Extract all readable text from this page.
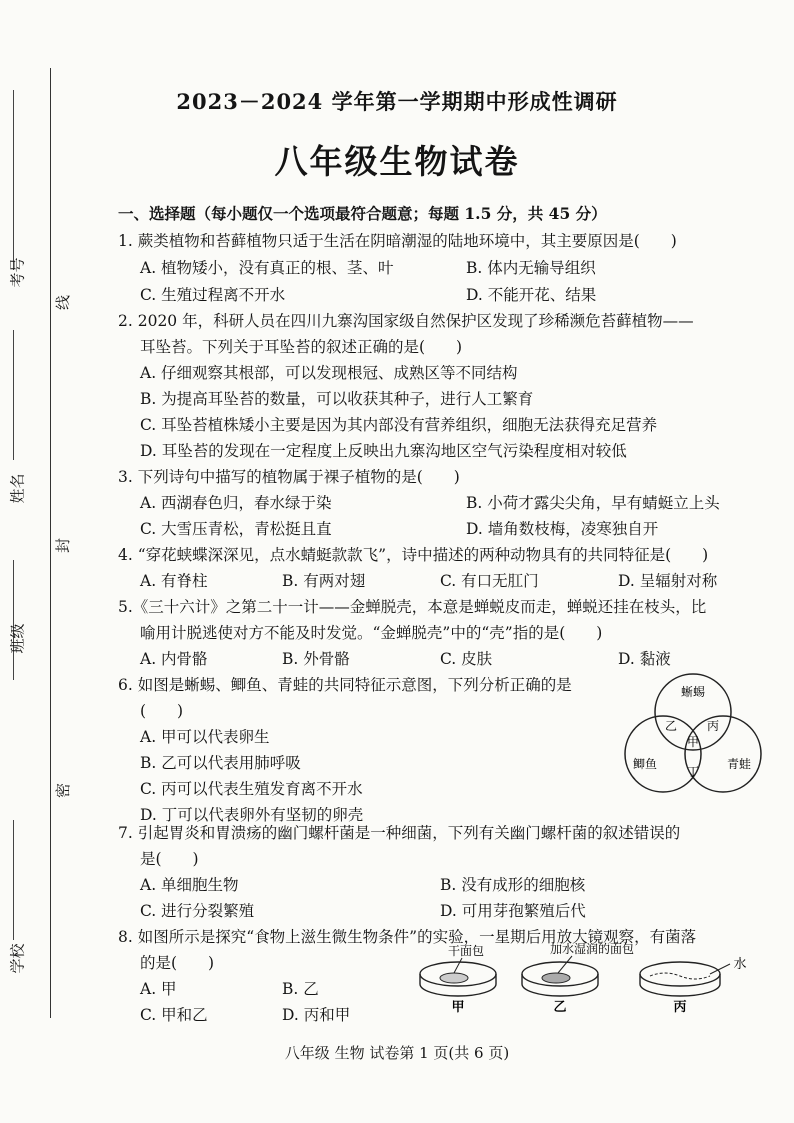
考号
姓名
班级
学校
线
封
密
2023－2024 学年第一学期期中形成性调研
八年级生物试卷
一、选择题（每小题仅一个选项最符合题意；每题 1.5 分，共 45 分）
1. 蕨类植物和苔藓植物只适于生活在阴暗潮湿的陆地环境中，其主要原因是(　　)
A. 植物矮小，没有真正的根、茎、叶	B. 体内无输导组织
C. 生殖过程离不开水	D. 不能开花、结果
2. 2020 年，科研人员在四川九寨沟国家级自然保护区发现了珍稀濒危苔藓植物——
耳坠苔。下列关于耳坠苔的叙述正确的是(　　)
A. 仔细观察其根部，可以发现根冠、成熟区等不同结构
B. 为提高耳坠苔的数量，可以收获其种子，进行人工繁育
C. 耳坠苔植株矮小主要是因为其内部没有营养组织，细胞无法获得充足营养
D. 耳坠苔的发现在一定程度上反映出九寨沟地区空气污染程度相对较低
3. 下列诗句中描写的植物属于裸子植物的是(　　)
A. 西湖春色归，春水绿于染	B. 小荷才露尖尖角，早有蜻蜓立上头
C. 大雪压青松，青松挺且直	D. 墙角数枝梅，凌寒独自开
4. “穿花蛱蝶深深见，点水蜻蜓款款飞”，诗中描述的两种动物具有的共同特征是(　　)
A. 有脊柱	B. 有两对翅	C. 有口无肛门	D. 呈辐射对称
5.《三十六计》之第二十一计——金蝉脱壳，本意是蝉蜕皮而走，蝉蜕还挂在枝头，比
喻用计脱逃使对方不能及时发觉。“金蝉脱壳”中的“壳”指的是(　　)
A. 内骨骼	B. 外骨骼	C. 皮肤	D. 黏液
6. 如图是蜥蜴、鲫鱼、青蛙的共同特征示意图，下列分析正确的是
(　　)
A. 甲可以代表卵生
B. 乙可以代表用肺呼吸
C. 丙可以代表生殖发育离不开水
D. 丁可以代表卵外有坚韧的卵壳
蜥蜴
鲫鱼	青蛙
乙 丙
甲
丁
7. 引起胃炎和胃溃疡的幽门螺杆菌是一种细菌，下列有关幽门螺杆菌的叙述错误的
是(　　)
A. 单细胞生物	B. 没有成形的细胞核
C. 进行分裂繁殖	D. 可用芽孢繁殖后代
8. 如图所示是探究“食物上滋生微生物条件”的实验，一星期后用放大镜观察，有菌落
的是(　　)
A. 甲	B. 乙
C. 甲和乙	D. 丙和甲
干面包
甲
加水湿润的面包
乙
水
丙
八年级 生物 试卷第 1 页(共 6 页)
